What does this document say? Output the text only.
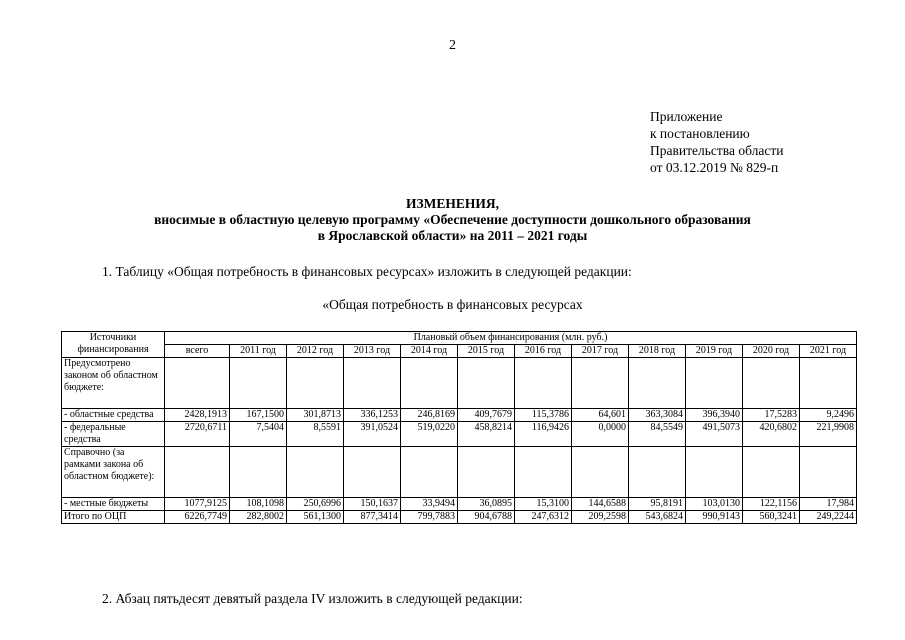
2
Приложение
к постановлению
Правительства области
от 03.12.2019 № 829-п
ИЗМЕНЕНИЯ,
вносимые в областную целевую программу «Обеспечение доступности дошкольного образования
в Ярославской области» на 2011 – 2021 годы
1. Таблицу «Общая потребность в финансовых ресурсах» изложить в следующей редакции:
«Общая потребность в финансовых ресурсах
Источники финансирования	Плановый объем финансирования (млн. руб.)											
	всего	2011 год	2012 год	2013 год	2014 год	2015 год	2016 год	2017 год	2018 год	2019 год	2020 год	2021 год
Предусмотрено законом об областном бюджете:												
- областные средства	2428,1913	167,1500	301,8713	336,1253	246,8169	409,7679	115,3786	64,601	363,3084	396,3940	17,5283	9,2496
- федеральные средства	2720,6711	7,5404	8,5591	391,0524	519,0220	458,8214	116,9426	0,0000	84,5549	491,5073	420,6802	221,9908
Справочно (за рамками закона об областном бюджете):												
- местные бюджеты	1077,9125	108,1098	250,6996	150,1637	33,9494	36,0895	15,3100	144,6588	95,8191	103,0130	122,1156	17,984
Итого по ОЦП	6226,7749	282,8002	561,1300	877,3414	799,7883	904,6788	247,6312	209,2598	543,6824	990,9143	560,3241	249,2244
2. Абзац пятьдесят девятый раздела IV изложить в следующей редакции:
